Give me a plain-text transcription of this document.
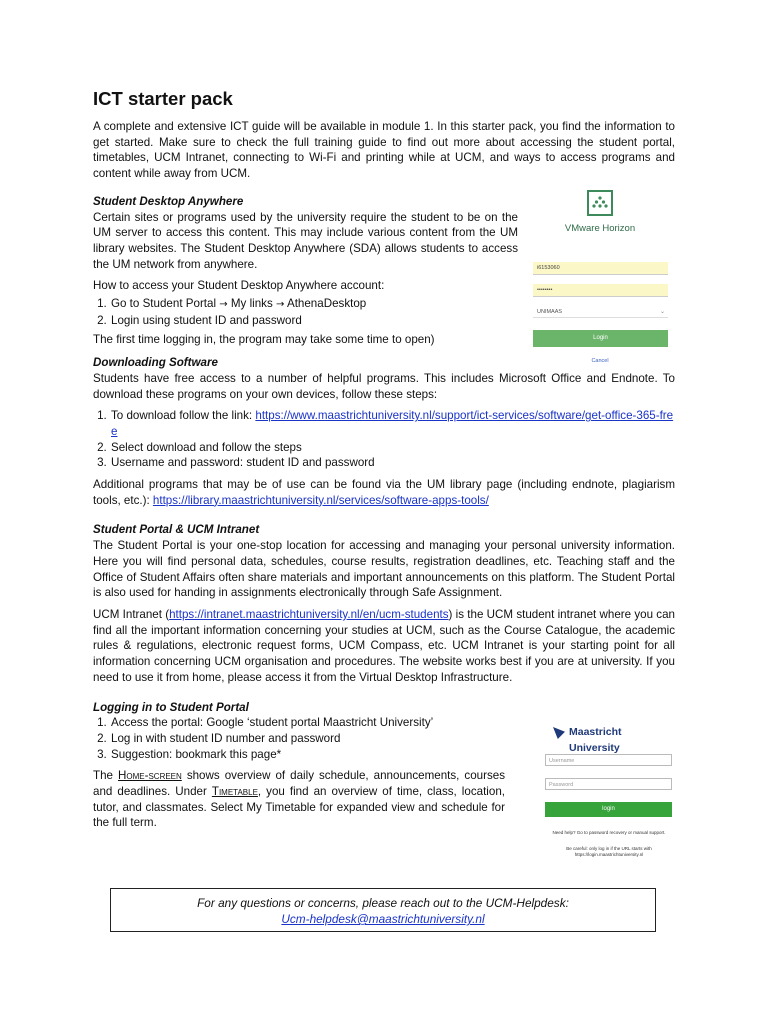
ICT starter pack

A complete and extensive ICT guide will be available in module 1. In this starter pack, you find the information to get started. Make sure to check the full training guide to find out more about accessing the student portal, timetables, UCM Intranet, connecting to Wi-Fi and printing while at UCM, and ways to access programs and content while away from UCM.

Student Desktop Anywhere

Certain sites or programs used by the university require the student to be on the UM server to access this content. This may include various content from the UM library websites. The Student Desktop Anywhere (SDA) allows students to access the UM network from anywhere.

How to access your Student Desktop Anywhere account:

1. Go to Student Portal → My links → AthenaDesktop
2. Login using student ID and password

The first time logging in, the program may take some time to open)

Downloading Software

Students have free access to a number of helpful programs. This includes Microsoft Office and Endnote. To download these programs on your own devices, follow these steps:

1. To download follow the link: https://www.maastrichtuniversity.nl/support/ict-services/software/get-office-365-free
2. Select download and follow the steps
3. Username and password: student ID and password

Additional programs that may be of use can be found via the UM library page (including endnote, plagiarism tools, etc.): https://library.maastrichtuniversity.nl/services/software-apps-tools/

Student Portal & UCM Intranet

The Student Portal is your one-stop location for accessing and managing your personal university information. Here you will find personal data, schedules, course results, registration deadlines, etc. Teaching staff and the Office of Student Affairs often share materials and important announcements on this platform. The Student Portal is also used for handing in assignments electronically through Safe Assignment.

UCM Intranet (https://intranet.maastrichtuniversity.nl/en/ucm-students) is the UCM student intranet where you can find all the important information concerning your studies at UCM, such as the Course Catalogue, the academic rules & regulations, electronic request forms, UCM Compass, etc. UCM Intranet is your starting point for all information concerning UCM organisation and procedures. The website works best if you are at university. If you need to use it from home, please access it from the Virtual Desktop Infrastructure.

Logging in to Student Portal
1. Access the portal: Google ‘student portal Maastricht University’
2. Log in with student ID number and password
3. Suggestion: bookmark this page*

The Home-screen shows overview of daily schedule, announcements, courses and deadlines. Under Timetable, you find an overview of time, class, location, tutor, and classmates. Select My Timetable for expanded view and schedule for the full term.

VMware Horizon
i6153060
••••••••
UNIMAAS	⌄
Login
Cancel
Maastricht University
Username
Password
login
Need help? Go to password recovery or manual support.
Be careful: only log in if the URL starts with https://login.maastrichtuniversity.nl
For any questions or concerns, please reach out to the UCM-Helpdesk:
Ucm-helpdesk@maastrichtuniversity.nl
